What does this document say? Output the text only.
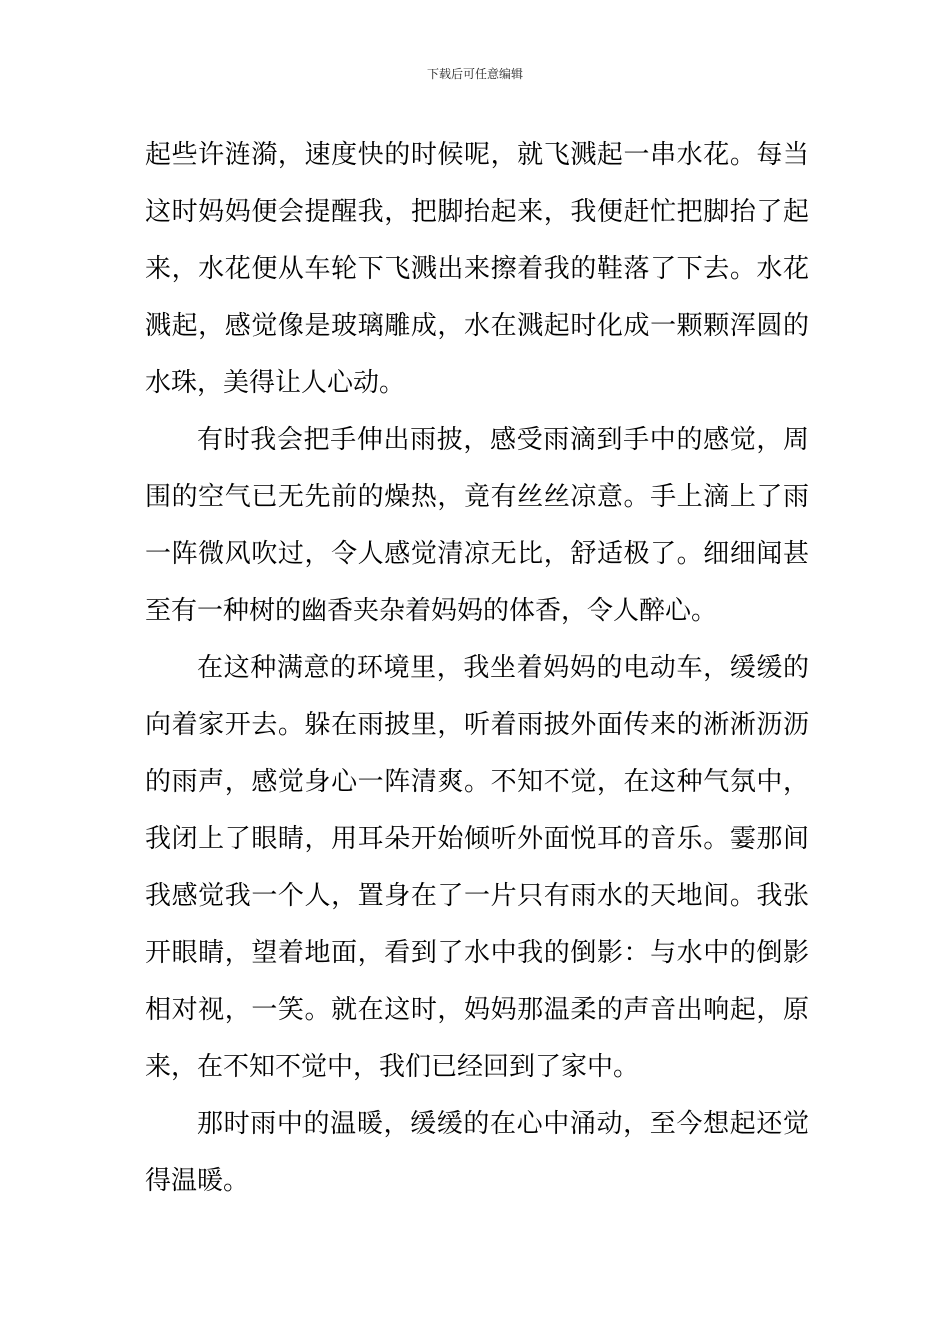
下载后可任意编辑
起些许涟漪，速度快的时候呢，就飞溅起一串水花。每当
这时妈妈便会提醒我，把脚抬起来，我便赶忙把脚抬了起
来，水花便从车轮下飞溅出来擦着我的鞋落了下去。水花
溅起，感觉像是玻璃雕成，水在溅起时化成一颗颗浑圆的
水珠，美得让人心动。
有时我会把手伸出雨披，感受雨滴到手中的感觉，周
围的空气已无先前的燥热，竟有丝丝凉意。手上滴上了雨
一阵微风吹过，令人感觉清凉无比，舒适极了。细细闻甚
至有一种树的幽香夹杂着妈妈的体香，令人醉心。
在这种满意的环境里，我坐着妈妈的电动车，缓缓的
向着家开去。躲在雨披里，听着雨披外面传来的淅淅沥沥
的雨声，感觉身心一阵清爽。不知不觉，在这种气氛中，
我闭上了眼睛，用耳朵开始倾听外面悦耳的音乐。霎那间
我感觉我一个人，置身在了一片只有雨水的天地间。我张
开眼睛，望着地面，看到了水中我的倒影：与水中的倒影
相对视，一笑。就在这时，妈妈那温柔的声音出响起，原
来，在不知不觉中，我们已经回到了家中。
那时雨中的温暖，缓缓的在心中涌动，至今想起还觉
得温暖。
